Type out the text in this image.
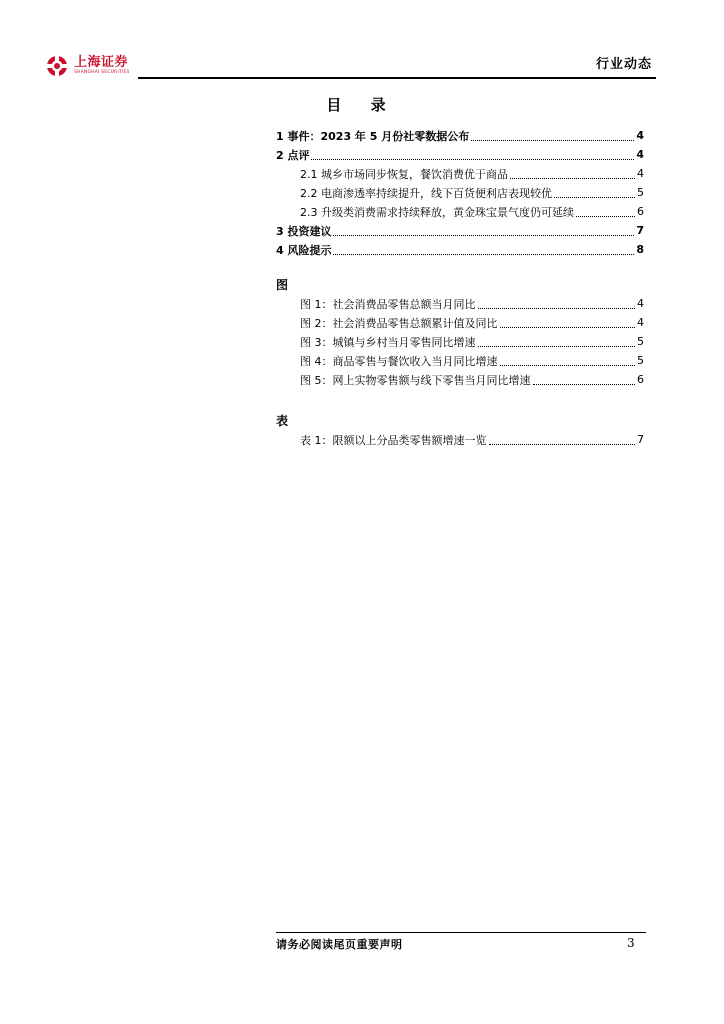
上海证券
SHANGHAI SECURITIES
行业动态
目 录
1 事件：2023 年 5 月份社零数据公布	4
2 点评	4
2.1 城乡市场同步恢复，餐饮消费优于商品	4
2.2 电商渗透率持续提升，线下百货便利店表现较优	5
2.3 升级类消费需求持续释放，黄金珠宝景气度仍可延续	6
3 投资建议	7
4 风险提示	8
图
图 1：社会消费品零售总额当月同比	4
图 2：社会消费品零售总额累计值及同比	4
图 3：城镇与乡村当月零售同比增速	5
图 4：商品零售与餐饮收入当月同比增速	5
图 5：网上实物零售额与线下零售当月同比增速	6
表
表 1：限额以上分品类零售额增速一览	7
请务必阅读尾页重要声明	3
